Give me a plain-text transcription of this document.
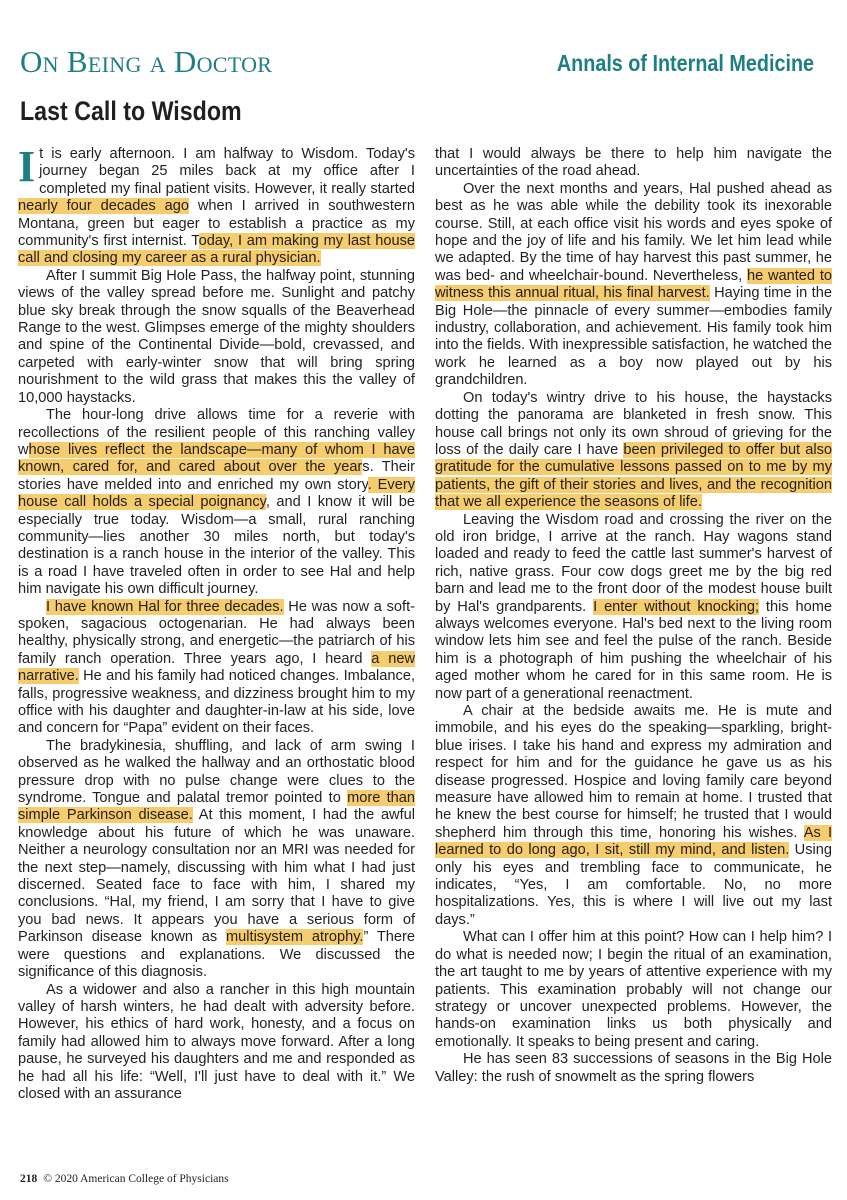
On Being a Doctor	Annals of Internal Medicine
Last Call to Wisdom

It is early afternoon. I am halfway to Wisdom. Today's journey began 25 miles back at my office after I completed my final patient visits. However, it really started nearly four decades ago when I arrived in southwestern Montana, green but eager to establish a practice as my community's first internist. Today, I am making my last house call and closing my career as a rural physician.

After I summit Big Hole Pass, the halfway point, stunning views of the valley spread before me. Sunlight and patchy blue sky break through the snow squalls of the Beaverhead Range to the west. Glimpses emerge of the mighty shoulders and spine of the Continental Divide—bold, crevassed, and carpeted with early-winter snow that will bring spring nourishment to the wild grass that makes this the valley of 10,000 haystacks.

The hour-long drive allows time for a reverie with recollections of the resilient people of this ranching valley whose lives reflect the landscape—many of whom I have known, cared for, and cared about over the years. Their stories have melded into and enriched my own story. Every house call holds a special poignancy, and I know it will be especially true today. Wisdom—a small, rural ranching community—lies another 30 miles north, but today's destination is a ranch house in the interior of the valley. This is a road I have traveled often in order to see Hal and help him navigate his own difficult journey.

I have known Hal for three decades. He was now a soft-spoken, sagacious octogenarian. He had always been healthy, physically strong, and energetic—the patriarch of his family ranch operation. Three years ago, I heard a new narrative. He and his family had noticed changes. Imbalance, falls, progressive weakness, and dizziness brought him to my office with his daughter and daughter-in-law at his side, love and concern for “Papa” evident on their faces.

The bradykinesia, shuffling, and lack of arm swing I observed as he walked the hallway and an orthostatic blood pressure drop with no pulse change were clues to the syndrome. Tongue and palatal tremor pointed to more than simple Parkinson disease. At this moment, I had the awful knowledge about his future of which he was unaware. Neither a neurology consultation nor an MRI was needed for the next step—namely, discussing with him what I had just discerned. Seated face to face with him, I shared my conclusions. “Hal, my friend, I am sorry that I have to give you bad news. It appears you have a serious form of Parkinson disease known as multisystem atrophy.” There were questions and explanations. We discussed the significance of this diagnosis.

As a widower and also a rancher in this high mountain valley of harsh winters, he had dealt with adversity before. However, his ethics of hard work, honesty, and a focus on family had allowed him to always move forward. After a long pause, he surveyed his daughters and me and responded as he had all his life: “Well, I'll just have to deal with it.” We closed with an assurance

that I would always be there to help him navigate the uncertainties of the road ahead.

Over the next months and years, Hal pushed ahead as best as he was able while the debility took its inexorable course. Still, at each office visit his words and eyes spoke of hope and the joy of life and his family. We let him lead while we adapted. By the time of hay harvest this past summer, he was bed- and wheelchair-bound. Nevertheless, he wanted to witness this annual ritual, his final harvest. Haying time in the Big Hole—the pinnacle of every summer—embodies family industry, collaboration, and achievement. His family took him into the fields. With inexpressible satisfaction, he watched the work he learned as a boy now played out by his grandchildren.

On today's wintry drive to his house, the haystacks dotting the panorama are blanketed in fresh snow. This house call brings not only its own shroud of grieving for the loss of the daily care I have been privileged to offer but also gratitude for the cumulative lessons passed on to me by my patients, the gift of their stories and lives, and the recognition that we all experience the seasons of life.

Leaving the Wisdom road and crossing the river on the old iron bridge, I arrive at the ranch. Hay wagons stand loaded and ready to feed the cattle last summer's harvest of rich, native grass. Four cow dogs greet me by the big red barn and lead me to the front door of the modest house built by Hal's grandparents. I enter without knocking; this home always welcomes everyone. Hal's bed next to the living room window lets him see and feel the pulse of the ranch. Beside him is a photograph of him pushing the wheelchair of his aged mother whom he cared for in this same room. He is now part of a generational reenactment.

A chair at the bedside awaits me. He is mute and immobile, and his eyes do the speaking—sparkling, bright-blue irises. I take his hand and express my admiration and respect for him and for the guidance he gave us as his disease progressed. Hospice and loving family care beyond measure have allowed him to remain at home. I trusted that he knew the best course for himself; he trusted that I would shepherd him through this time, honoring his wishes. As I learned to do long ago, I sit, still my mind, and listen. Using only his eyes and trembling face to communicate, he indicates, “Yes, I am comfortable. No, no more hospitalizations. Yes, this is where I will live out my last days.”

What can I offer him at this point? How can I help him? I do what is needed now; I begin the ritual of an examination, the art taught to me by years of attentive experience with my patients. This examination probably will not change our strategy or uncover unexpected problems. However, the hands-on examination links us both physically and emotionally. It speaks to being present and caring.

He has seen 83 successions of seasons in the Big Hole Valley: the rush of snowmelt as the spring flowers

218 © 2020 American College of Physicians
